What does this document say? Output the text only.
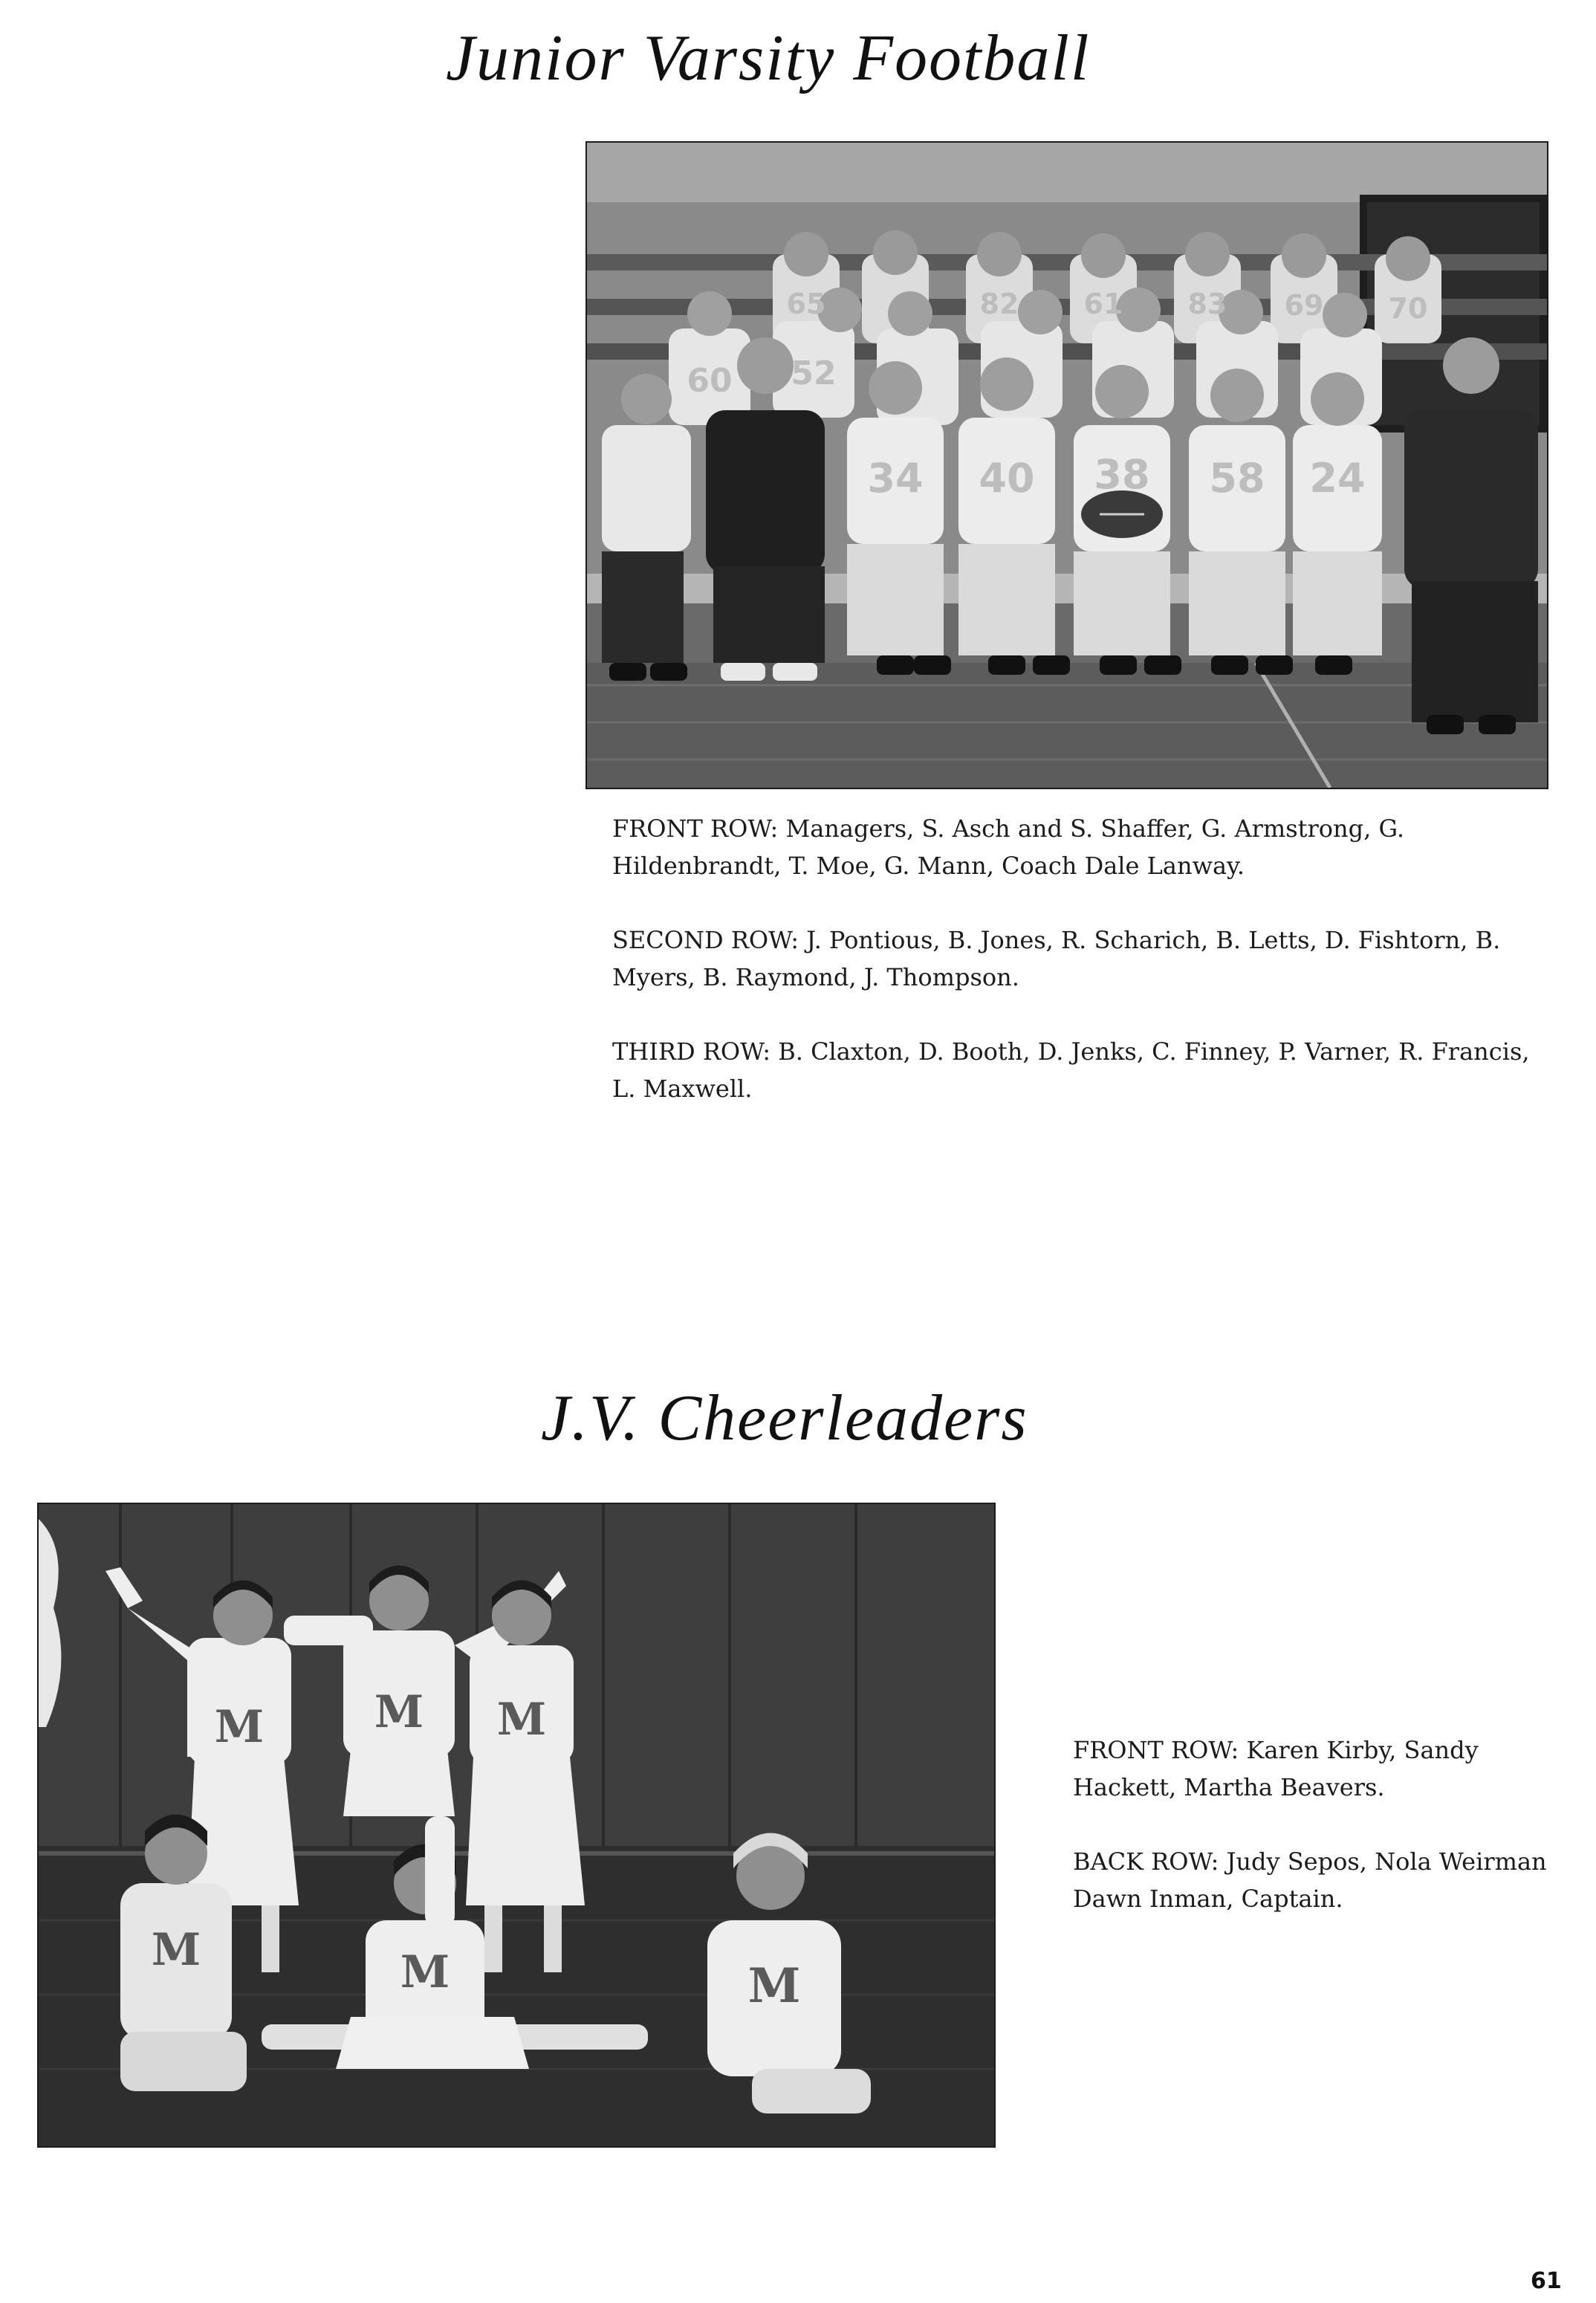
Junior Varsity Football
34 40 38 58 24
60 52
65	82 61 83 69 70

FRONT ROW: Managers, S. Asch and S. Shaffer, G. Armstrong, G. Hildenbrandt, T. Moe, G. Mann, Coach Dale Lanway.

SECOND ROW: J. Pontious, B. Jones, R. Scharich, B. Letts, D. Fishtorn, B. Myers, B. Raymond, J. Thompson.

THIRD ROW: B. Claxton, D. Booth, D. Jenks, C. Finney, P. Varner, R. Francis, L. Maxwell.

J.V. Cheerleaders
M M M
M	M	M

FRONT ROW: Karen Kirby, Sandy Hackett, Martha Beavers.

BACK ROW: Judy Sepos, Nola Weirman Dawn Inman, Captain.

61
